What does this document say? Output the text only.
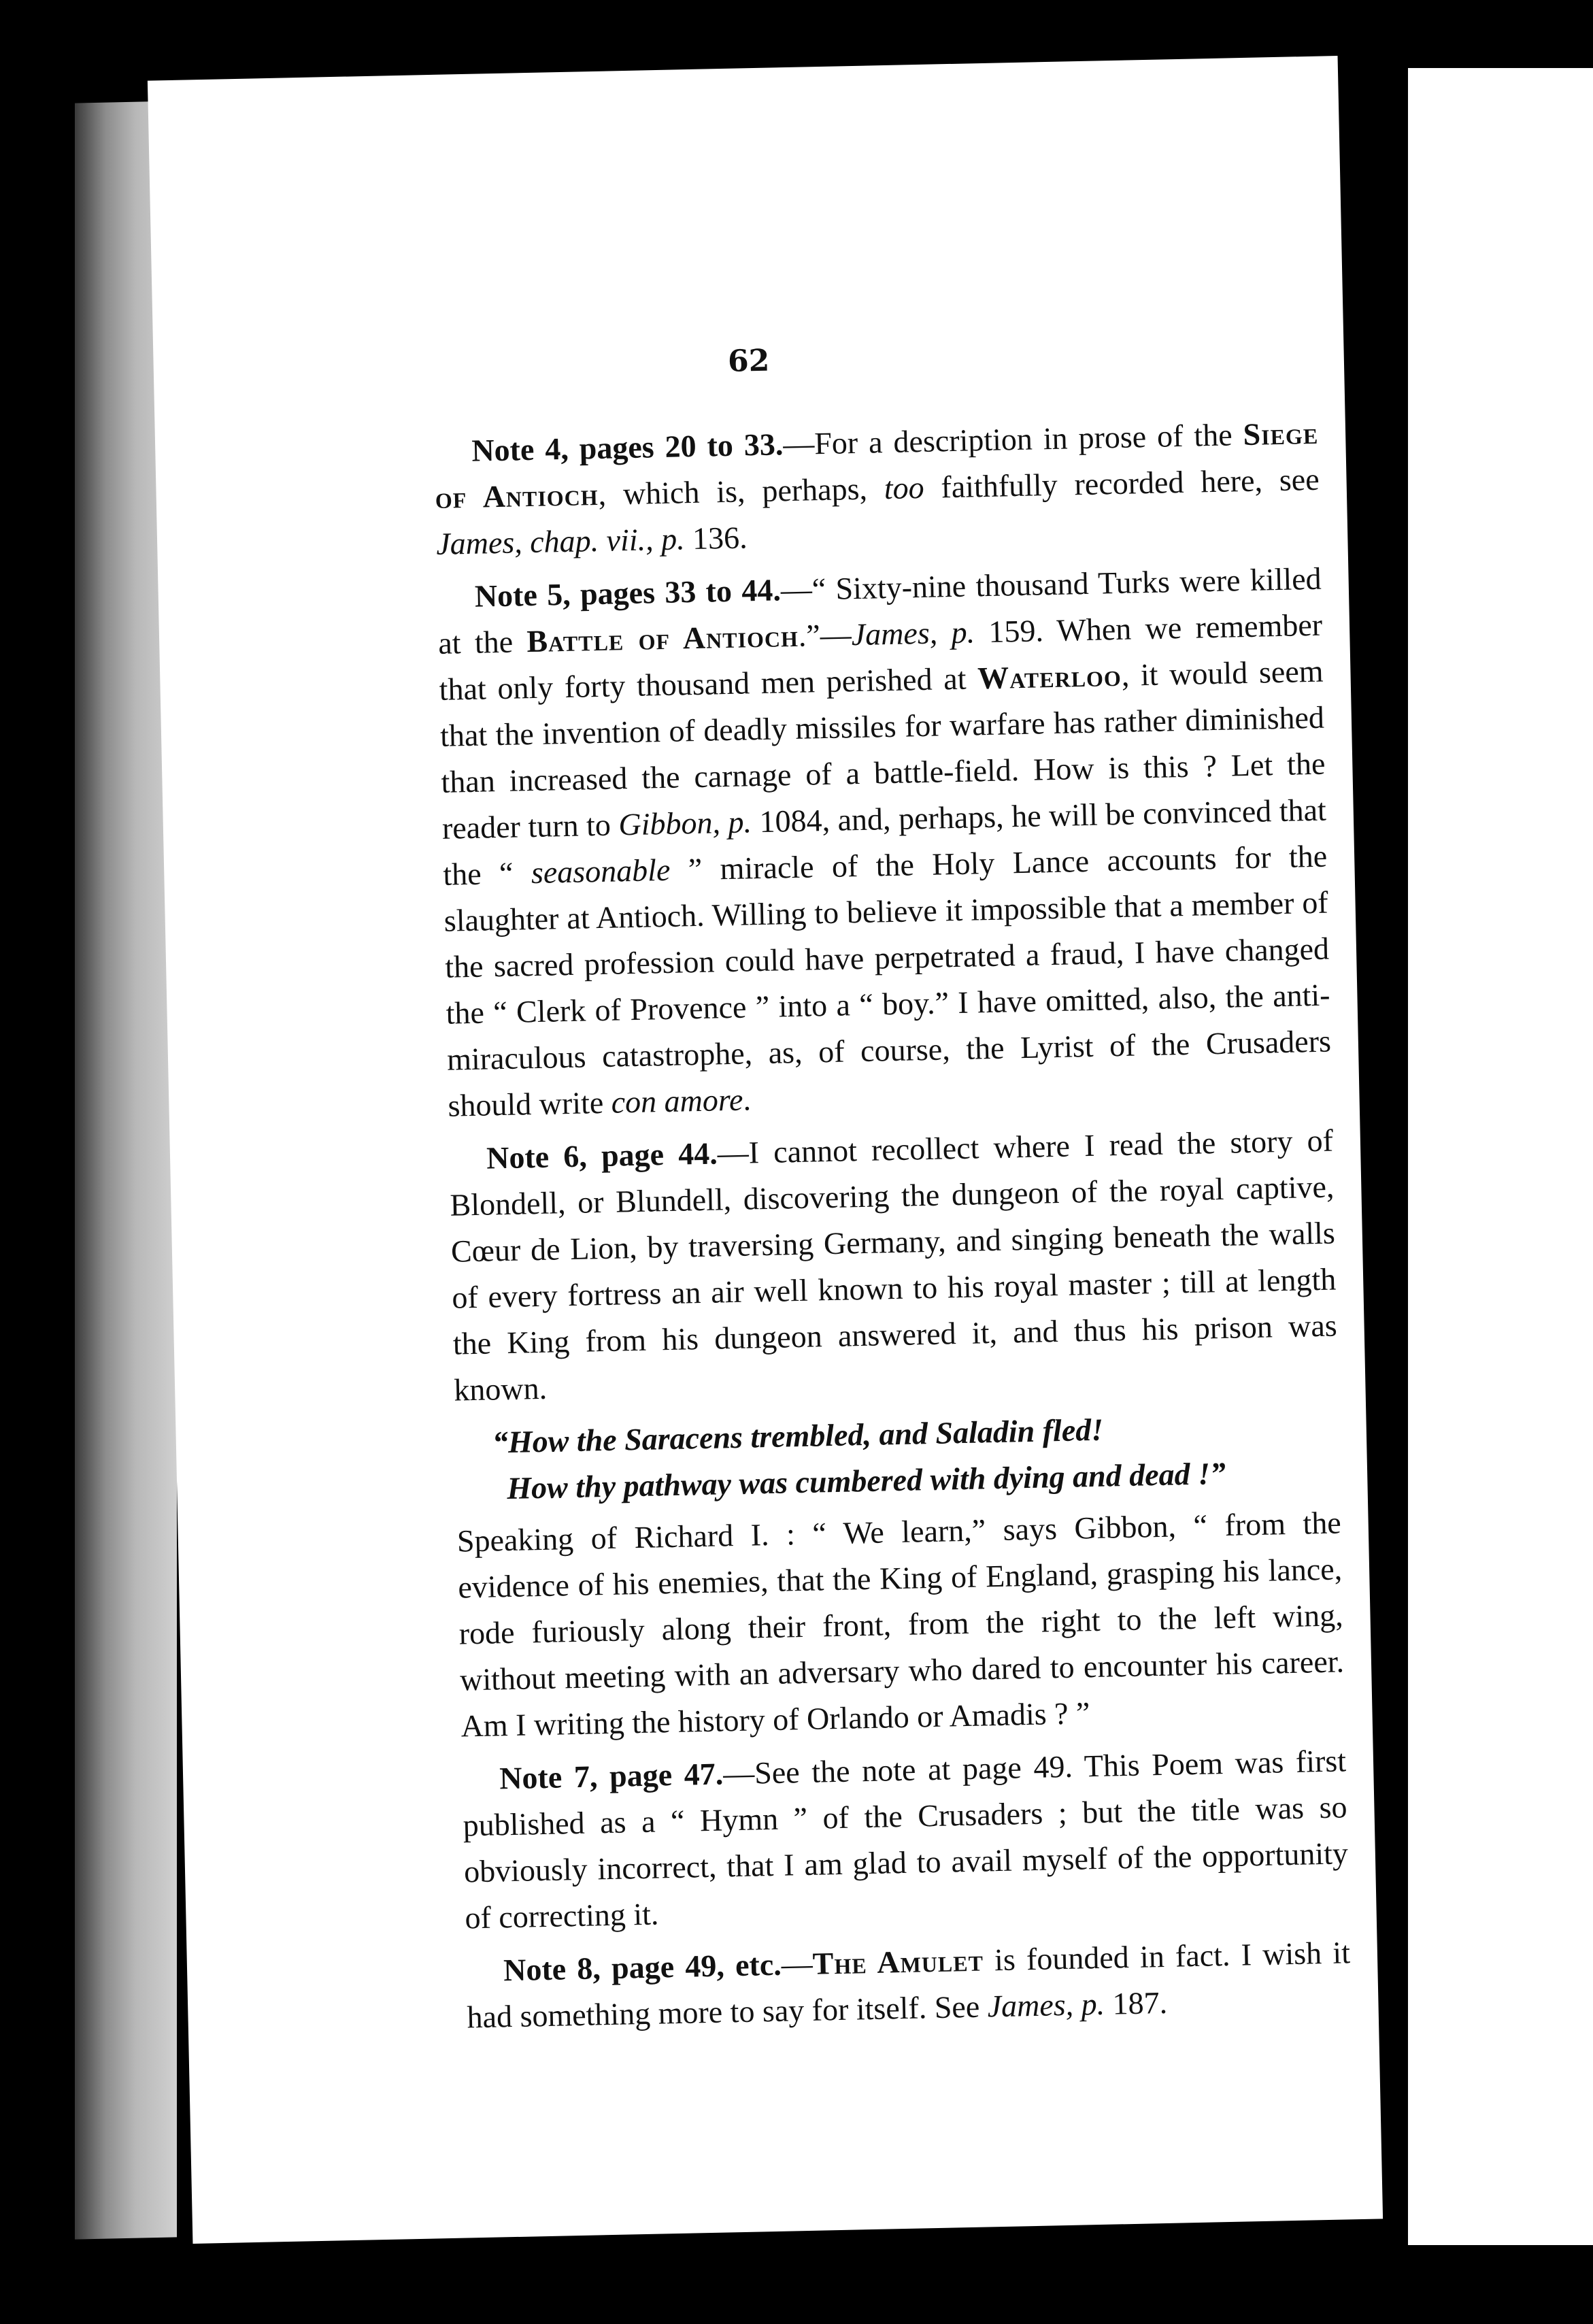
62

Note 4, pages 20 to 33.—For a description in prose of the Siege of Antioch, which is, perhaps, too faithfully recorded here, see James, chap. vii., p. 136.

Note 5, pages 33 to 44.—“ Sixty-nine thousand Turks were killed at the Battle of Antioch.”—James, p. 159. When we remember that only forty thousand men perished at Waterloo, it would seem that the invention of deadly missiles for warfare has rather diminished than increased the carnage of a battle-field. How is this ? Let the reader turn to Gibbon, p. 1084, and, perhaps, he will be convinced that the “ seasonable ” miracle of the Holy Lance accounts for the slaughter at Antioch. Willing to believe it impossible that a member of the sacred profession could have perpetrated a fraud, I have changed the “ Clerk of Provence ” into a “ boy.” I have omitted, also, the anti-miraculous catastrophe, as, of course, the Lyrist of the Crusaders should write con amore.

Note 6, page 44.—I cannot recollect where I read the story of Blondell, or Blundell, discovering the dungeon of the royal captive, Cœur de Lion, by traversing Germany, and singing beneath the walls of every fortress an air well known to his royal master ; till at length the King from his dungeon answered it, and thus his prison was known.

“How the Saracens trembled, and Saladin fled!
How thy pathway was cumbered with dying and dead !”

Speaking of Richard I. : “ We learn,” says Gibbon, “ from the evidence of his enemies, that the King of England, grasping his lance, rode furiously along their front, from the right to the left wing, without meeting with an adversary who dared to encounter his career. Am I writing the history of Orlando or Amadis ? ”

Note 7, page 47.—See the note at page 49. This Poem was first published as a “ Hymn ” of the Crusaders ; but the title was so obviously incorrect, that I am glad to avail myself of the opportunity of correcting it.

Note 8, page 49, etc.—The Amulet is founded in fact. I wish it had something more to say for itself. See James, p. 187.
